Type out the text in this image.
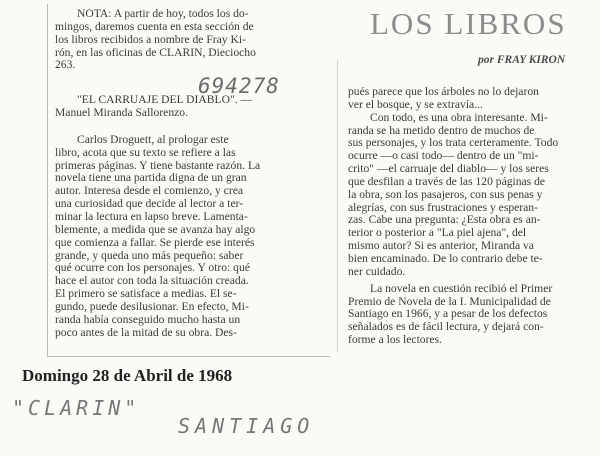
LOS LIBROS
por FRAY KIRON

NOTA: A partir de hoy, todos los do-

mingos, daremos cuenta en esta sección de

los libros recibidos a nombre de Fray Ki-

rón, en las oficinas de CLARIN, Dieciocho

263.

"EL CARRUAJE DEL DIABLO". —

Manuel Miranda Sallorenzo.

Carlos Droguett, al prologar este

libro, acota que su texto se refiere a las

primeras páginas. Y tiene bastante razón. La

novela tiene una partida digna de un gran

autor. Interesa desde el comienzo, y crea

una curiosidad que decide al lector a ter-

minar la lectura en lapso breve. Lamenta-

blemente, a medida que se avanza hay algo

que comienza a fallar. Se pierde ese interés

grande, y queda uno más pequeño: saber

qué ocurre con los personajes. Y otro: qué

hace el autor con toda la situación creada.

El primero se satisface a medias. El se-

gundo, puede desilusionar. En efecto, Mi-

randa había conseguido mucho hasta un

poco antes de la mitad de su obra. Des-

694278	pués parece que los árboles no lo dejaron

ver el bosque, y se extravía...

Con todo, es una obra interesante. Mi-

randa se ha metido dentro de muchos de

sus personajes, y los trata certeramente. Todo

ocurre —o casi todo— dentro de un "mi-

crito" —el carruaje del diablo— y los seres

que desfilan a través de las 120 páginas de

la obra, son los pasajeros, con sus penas y

alegrías, con sus frustraciones y esperan-

zas. Cabe una pregunta: ¿Esta obra es an-

terior o posterior a "La piel ajena", del

mismo autor? Si es anterior, Miranda va

bien encaminado. De lo contrario debe te-

ner cuidado.

La novela en cuestión recibió el Primer

Premio de Novela de la I. Municipalidad de

Santiago en 1966, y a pesar de los defectos

señalados es de fácil lectura, y dejará con-

forme a los lectores.

Domingo 28 de Abril de 1968
"CLARIN"
SANTIAGO
